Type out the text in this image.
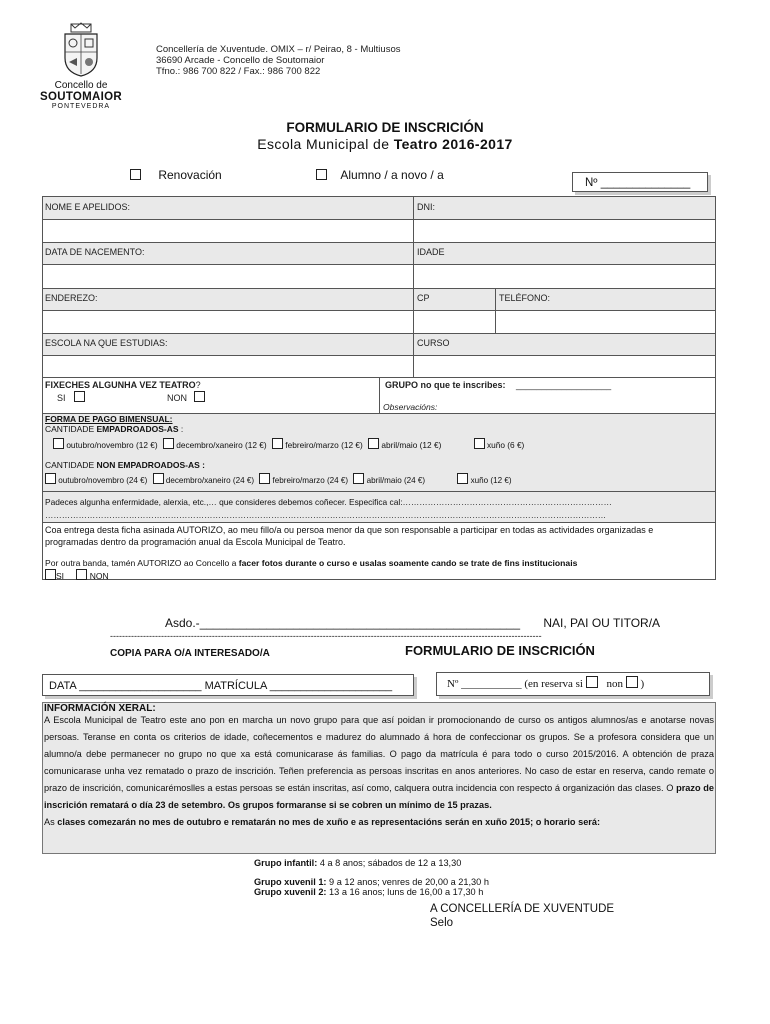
Concello de
SOUTOMAIOR
PONTEVEDRA
Concellería de Xuventude. OMIX – r/ Peirao, 8 - Multiusos
36690 Arcade - Concello de Soutomaior
Tfno.: 986 700 822 / Fax.: 986 700 822
FORMULARIO DE INSCRICIÓN
Escola Municipal de Teatro 2016-2017
Renovación	Alumno / a novo / a
Nº ______________
NOME E APELIDOS:	DNI:
DATA DE NACEMENTO:	IDADE
ENDEREZO:	CP	TELÉFONO:
ESCOLA NA QUE ESTUDIAS:	CURSO
FIXECHES ALGUNHA VEZ TEATRO?
SI	NON
GRUPO no que te inscribes: ___________________
Observacións:
FORMA DE PAGO BIMENSUAL:
CANTIDADE EMPADROADOS-AS :
outubro/novembro (12 €) decembro/xaneiro (12 €) febreiro/marzo (12 €) abril/maio (12 €)	xuño (6 €)
CANTIDADE NON EMPADROADOS-AS :
outubro/novembro (24 €) decembro/xaneiro (24 €) febreiro/marzo (24 €) abril/maio (24 €)	xuño (12 €)
Padeces algunha enfermidade, alerxia, etc.,… que consideres debemos coñecer. Especifica cal:…………………………………………………………………
…………………………………………………………………………………………………………………………………………………………………………………
Coa entrega desta ficha asinada AUTORIZO, ao meu fillo/a ou persoa menor da que son responsable a participar en todas as actividades organizadas e programadas dentro da programación anual da Escola Municipal de Teatro.
Por outra banda, tamén AUTORIZO ao Concello a facer fotos durante o curso e usalas soamente cando se trate de fins institucionais
SI	NON
Asdo.-________________________________________________ NAI, PAI OU TITOR/A
------------------------------------------------------------------------------------------------------------------------------------------------
COPIA PARA O/A INTERESADO/A	FORMULARIO DE INSCRICIÓN
DATA ____________________ MATRÍCULA ____________________	Nº ___________ (en reserva si non )
INFORMACIÓN XERAL:

A Escola Municipal de Teatro este ano pon en marcha un novo grupo para que así poidan ir promocionando de curso os antigos alumnos/as e anotarse novas persoas. Teranse en conta os criterios de idade, coñecementos e madurez do alumnado á hora de confeccionar os grupos. Se a profesora considera que un alumno/a debe permanecer no grupo no que xa está comunicarase ás familias. O pago da matrícula é para todo o curso 2015/2016. A obtención de praza comunicarase unha vez rematado o prazo de inscrición. Teñen preferencia as persoas inscritas en anos anteriores. No caso de estar en reserva, cando remate o prazo de inscrición, comunicarémoslles a estas persoas se están inscritas, así como, calquera outra incidencia con respecto á organización das clases. O prazo de inscrición rematará o día 23 de setembro. Os grupos formaranse si se cobren un mínimo de 15 prazas.

As clases comezarán no mes de outubro e rematarán no mes de xuño e as representacións serán en xuño 2015; o horario será:

Grupo infantil: 4 a 8 anos; sábados de 12 a 13,30
Grupo xuvenil 1: 9 a 12 anos; venres de 20,00 a 21,30 h
Grupo xuvenil 2: 13 a 16 anos; luns de 16,00 a 17,30 h
A CONCELLERÍA DE XUVENTUDE
Selo
